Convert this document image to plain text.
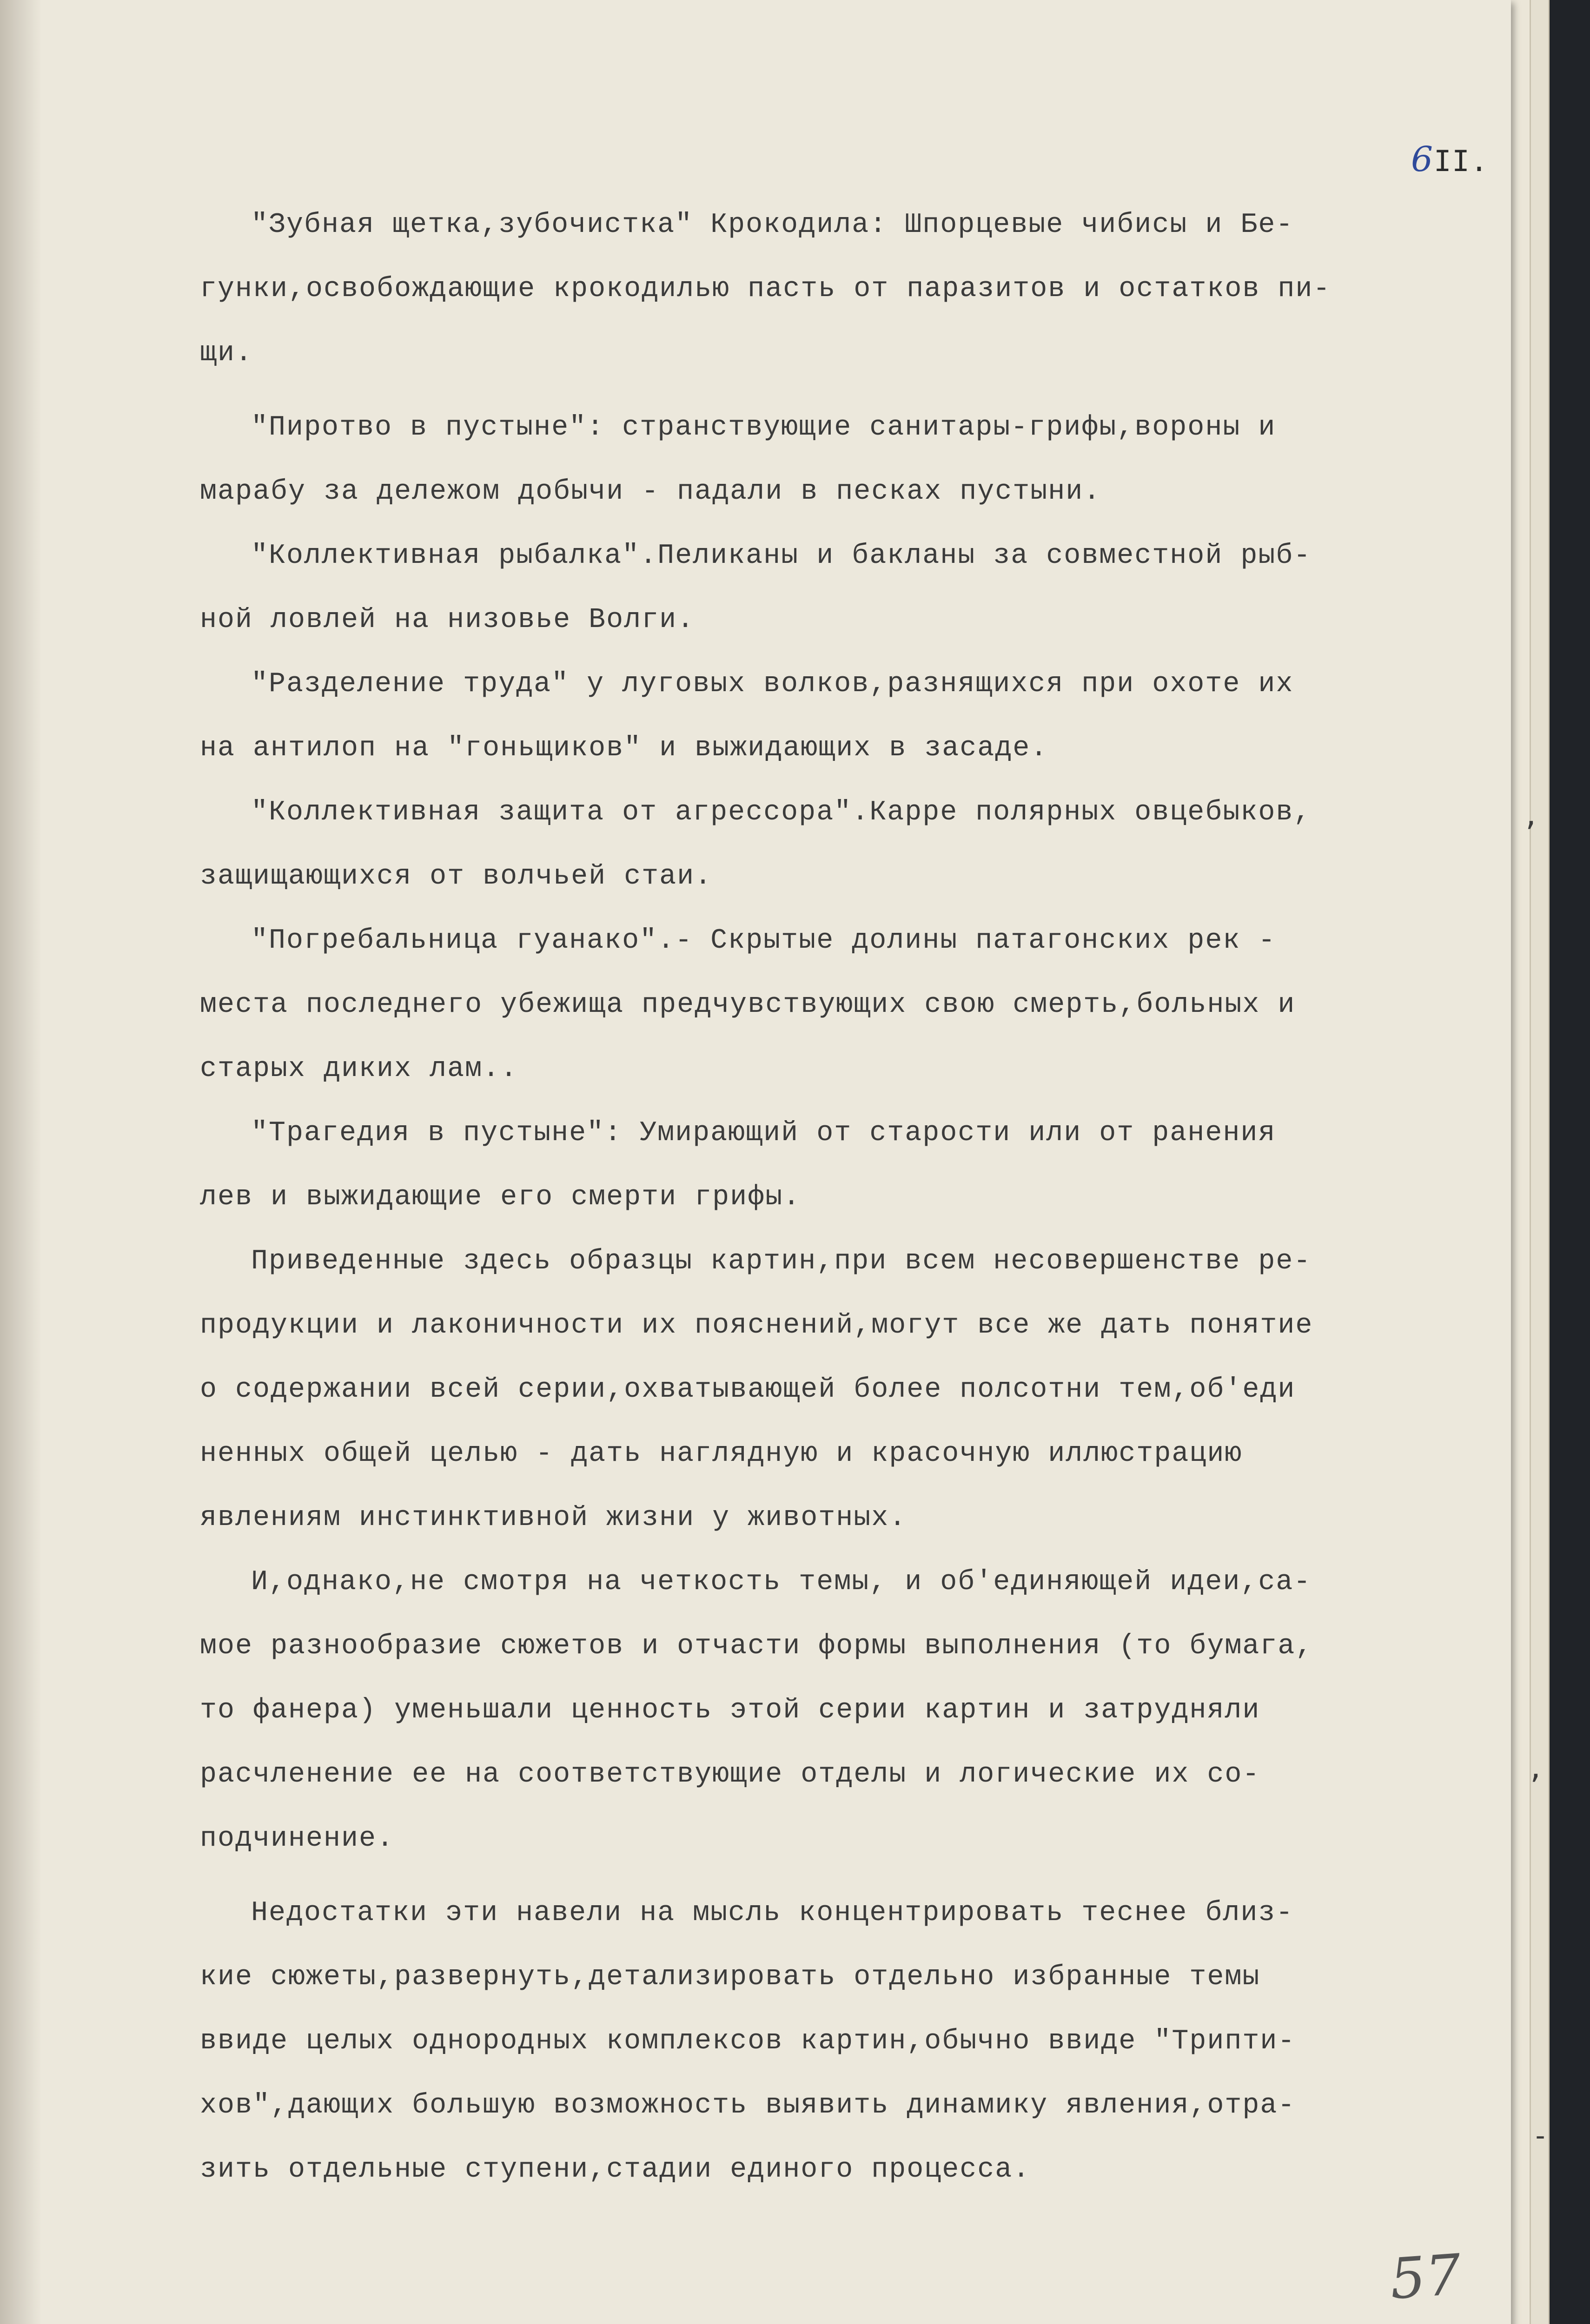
6II.

"Зубная щетка,зубочистка" Крокодила: Шпорцевые чибисы и Бе-

гунки,освобождающие крокодилью пасть от паразитов и остатков пи-

щи.

"Пиротво в пустыне": странствующие санитары-грифы,вороны и

марабу за дележом добычи - падали в песках пустыни.

"Коллективная рыбалка".Пеликаны и бакланы за совместной рыб-

ной ловлей на низовье Волги.

"Разделение труда" у луговых волков,разнящихся при охоте их

на антилоп на "гоньщиков" и выжидающих в засаде.

"Коллективная защита от агрессора".Карре полярных овцебыков,

защищающихся от волчьей стаи.

"Погребальница гуанако".- Скрытые долины патагонских рек -

места последнего убежища предчувствующих свою смерть,больных и

старых диких лам..

"Трагедия в пустыне": Умирающий от старости или от ранения

лев и выжидающие его смерти грифы.

Приведенные здесь образцы картин,при всем несовершенстве ре-

продукции и лаконичности их пояснений,могут все же дать понятие

о содержании всей серии,охватывающей более полсотни тем,об'еди

ненных общей целью - дать наглядную и красочную иллюстрацию

явлениям инстинктивной жизни у животных.

И,однако,не смотря на четкость темы, и об'единяющей идеи,са-

мое разнообразие сюжетов и отчасти формы выполнения (то бумага,

то фанера) уменьшали ценность этой серии картин и затрудняли

расчленение ее на соответствующие отделы и логические их со-

подчинение.

Недостатки эти навели на мысль концентрировать теснее близ-

кие сюжеты,развернуть,детализировать отдельно избранные темы

ввиде целых однородных комплексов картин,обычно ввиде "Трипти-

хов",дающих большую возможность выявить динамику явления,отра-

зить отдельные ступени,стадии единого процесса.

,
,
-
57
